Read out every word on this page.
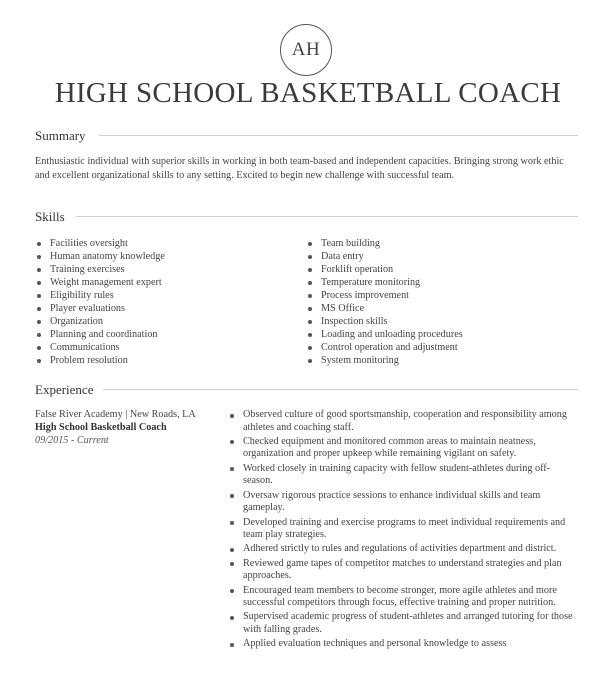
AH
HIGH SCHOOL BASKETBALL COACH
Summary
Enthusiastic individual with superior skills in working in both team-based and independent capacities. Bringing strong work ethic and excellent organizational skills to any setting. Excited to begin new challenge with successful team.
Skills
Facilities oversight
Human anatomy knowledge
Training exercises
Weight management expert
Eligibility rules
Player evaluations
Organization
Planning and coordination
Communications
Problem resolution
Team building
Data entry
Forklift operation
Temperature monitoring
Process improvement
MS Office
Inspection skills
Loading and unloading procedures
Control operation and adjustment
System monitoring
Experience
False River Academy | New Roads, LA
High School Basketball Coach
09/2015 - Current
Observed culture of good sportsmanship, cooperation and responsibility among athletes and coaching staff.
Checked equipment and monitored common areas to maintain neatness, organization and proper upkeep while remaining vigilant on safety.
Worked closely in training capacity with fellow student-athletes during off-season.
Oversaw rigorous practice sessions to enhance individual skills and team gameplay.
Developed training and exercise programs to meet individual requirements and team play strategies.
Adhered strictly to rules and regulations of activities department and district.
Reviewed game tapes of competitor matches to understand strategies and plan approaches.
Encouraged team members to become stronger, more agile athletes and more successful competitors through focus, effective training and proper nutrition.
Supervised academic progress of student-athletes and arranged tutoring for those with falling grades.
Applied evaluation techniques and personal knowledge to assess
